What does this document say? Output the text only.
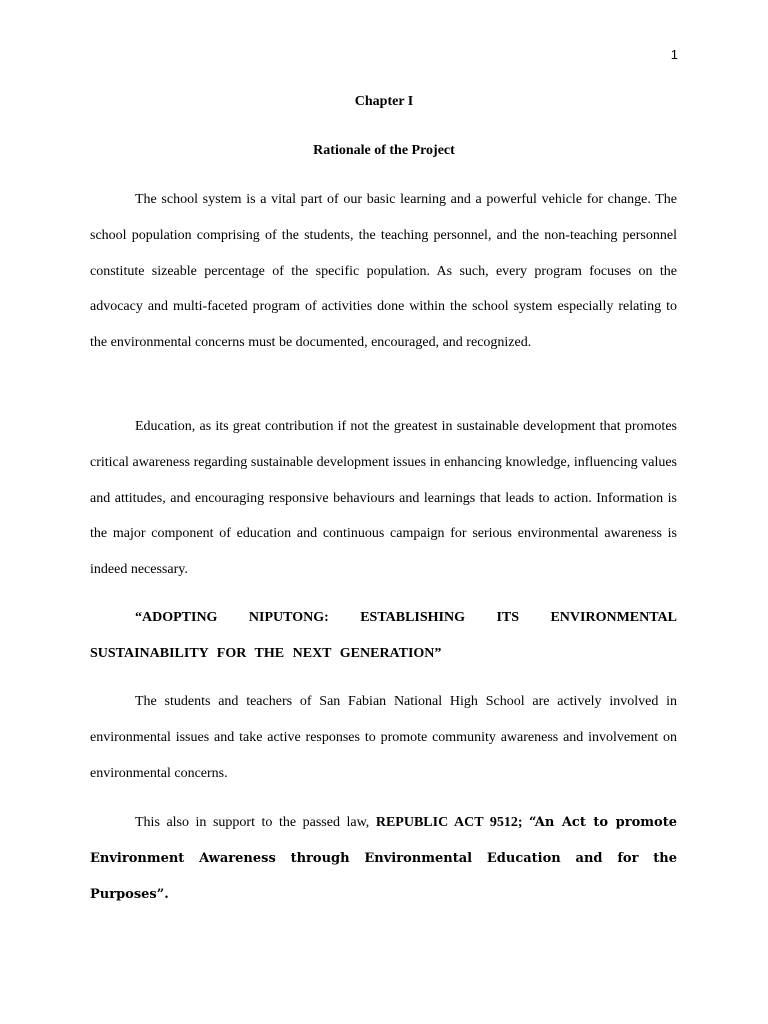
1
Chapter I
Rationale of the Project

The school system is a vital part of our basic learning and a powerful vehicle for change. The school population comprising of the students, the teaching personnel, and the non-teaching personnel constitute sizeable percentage of the specific population. As such, every program focuses on the advocacy and multi-faceted program of activities done within the school system especially relating to the environmental concerns must be documented, encouraged, and recognized.

Education, as its great contribution if not the greatest in sustainable development that promotes critical awareness regarding sustainable development issues in enhancing knowledge, influencing values and attitudes, and encouraging responsive behaviours and learnings that leads to action. Information is the major component of education and continuous campaign for serious environmental awareness is indeed necessary.

“ADOPTING NIPUTONG: ESTABLISHING ITS ENVIRONMENTAL SUSTAINABILITY FOR THE NEXT GENERATION”

The students and teachers of San Fabian National High School are actively involved in environmental issues and take active responses to promote community awareness and involvement on environmental concerns.

This also in support to the passed law, REPUBLIC ACT 9512; “An Act to promote Environment Awareness through Environmental Education and for the Purposes”.
